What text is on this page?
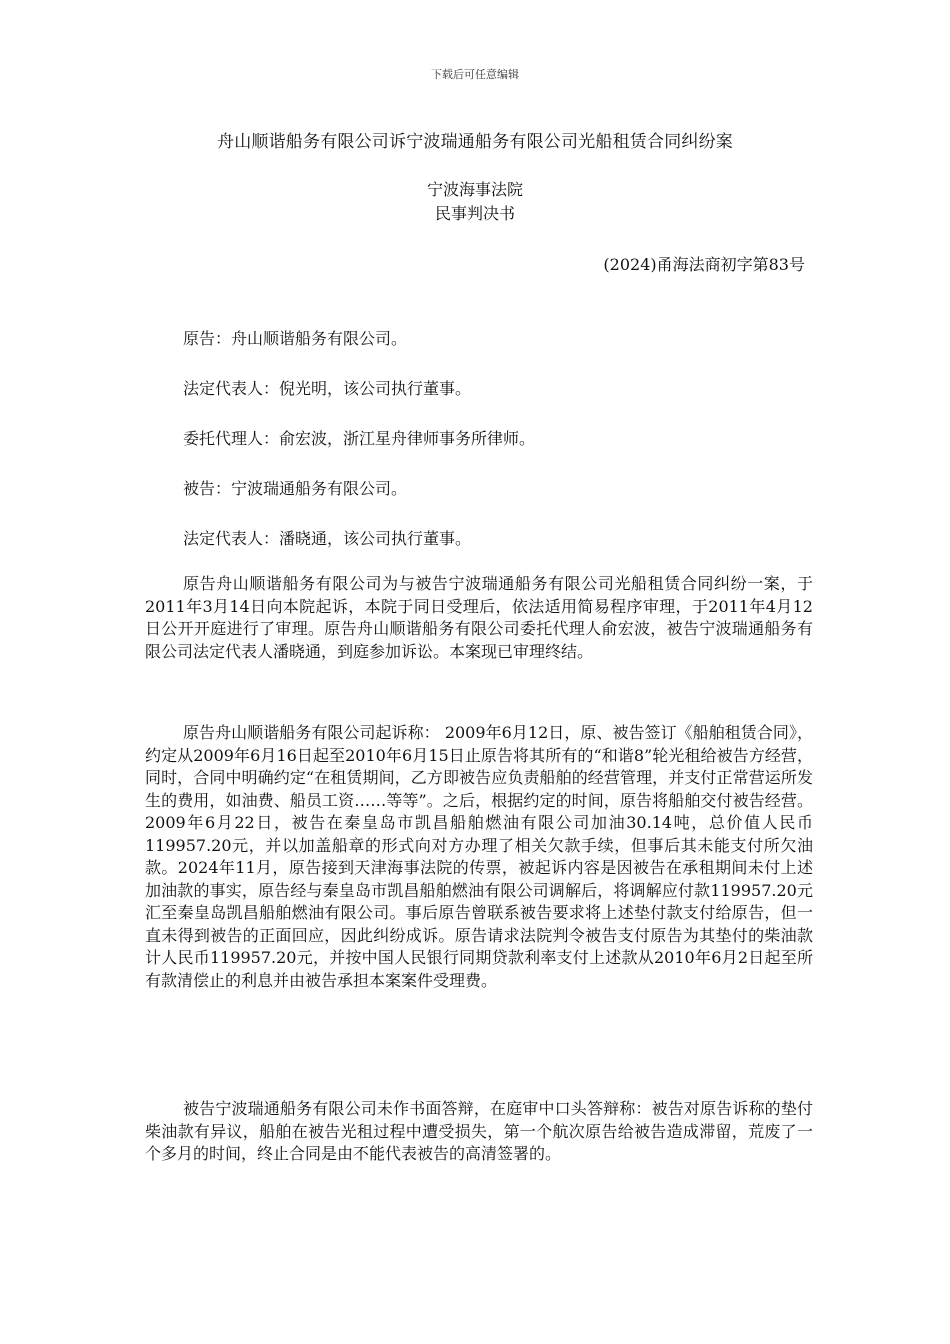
下载后可任意编辑
舟山顺谐船务有限公司诉宁波瑞通船务有限公司光船租赁合同纠纷案
宁波海事法院
民事判决书
(2024)甬海法商初字第83号
原告：舟山顺谐船务有限公司。
法定代表人：倪光明，该公司执行董事。
委托代理人：俞宏波，浙江星舟律师事务所律师。
被告：宁波瑞通船务有限公司。
法定代表人：潘晓通，该公司执行董事。

原告舟山顺谐船务有限公司为与被告宁波瑞通船务有限公司光船租赁合同纠纷一案，于2011年3月14日向本院起诉，本院于同日受理后，依法适用简易程序审理，于2011年4月12日公开开庭进行了审理。原告舟山顺谐船务有限公司委托代理人俞宏波，被告宁波瑞通船务有限公司法定代表人潘晓通，到庭参加诉讼。本案现已审理终结。

原告舟山顺谐船务有限公司起诉称： 2009年6月12日，原、被告签订《船舶租赁合同》，约定从2009年6月16日起至2010年6月15日止原告将其所有的“和谐8”轮光租给被告方经营，同时，合同中明确约定“在租赁期间，乙方即被告应负责船舶的经营管理，并支付正常营运所发生的费用，如油费、船员工资……等等”。之后，根据约定的时间，原告将船舶交付被告经营。2009年6月22日，被告在秦皇岛市凯昌船舶燃油有限公司加油30.14吨，总价值人民币119957.20元，并以加盖船章的形式向对方办理了相关欠款手续，但事后其未能支付所欠油款。2024年11月，原告接到天津海事法院的传票，被起诉内容是因被告在承租期间未付上述加油款的事实，原告经与秦皇岛市凯昌船舶燃油有限公司调解后，将调解应付款119957.20元汇至秦皇岛凯昌船舶燃油有限公司。事后原告曾联系被告要求将上述垫付款支付给原告，但一直未得到被告的正面回应，因此纠纷成诉。原告请求法院判令被告支付原告为其垫付的柴油款计人民币119957.20元，并按中国人民银行同期贷款利率支付上述款从2010年6月2日起至所有款清偿止的利息并由被告承担本案案件受理费。

被告宁波瑞通船务有限公司未作书面答辩，在庭审中口头答辩称：被告对原告诉称的垫付柴油款有异议，船舶在被告光租过程中遭受损失，第一个航次原告给被告造成滞留，荒废了一个多月的时间，终止合同是由不能代表被告的高清签署的。
